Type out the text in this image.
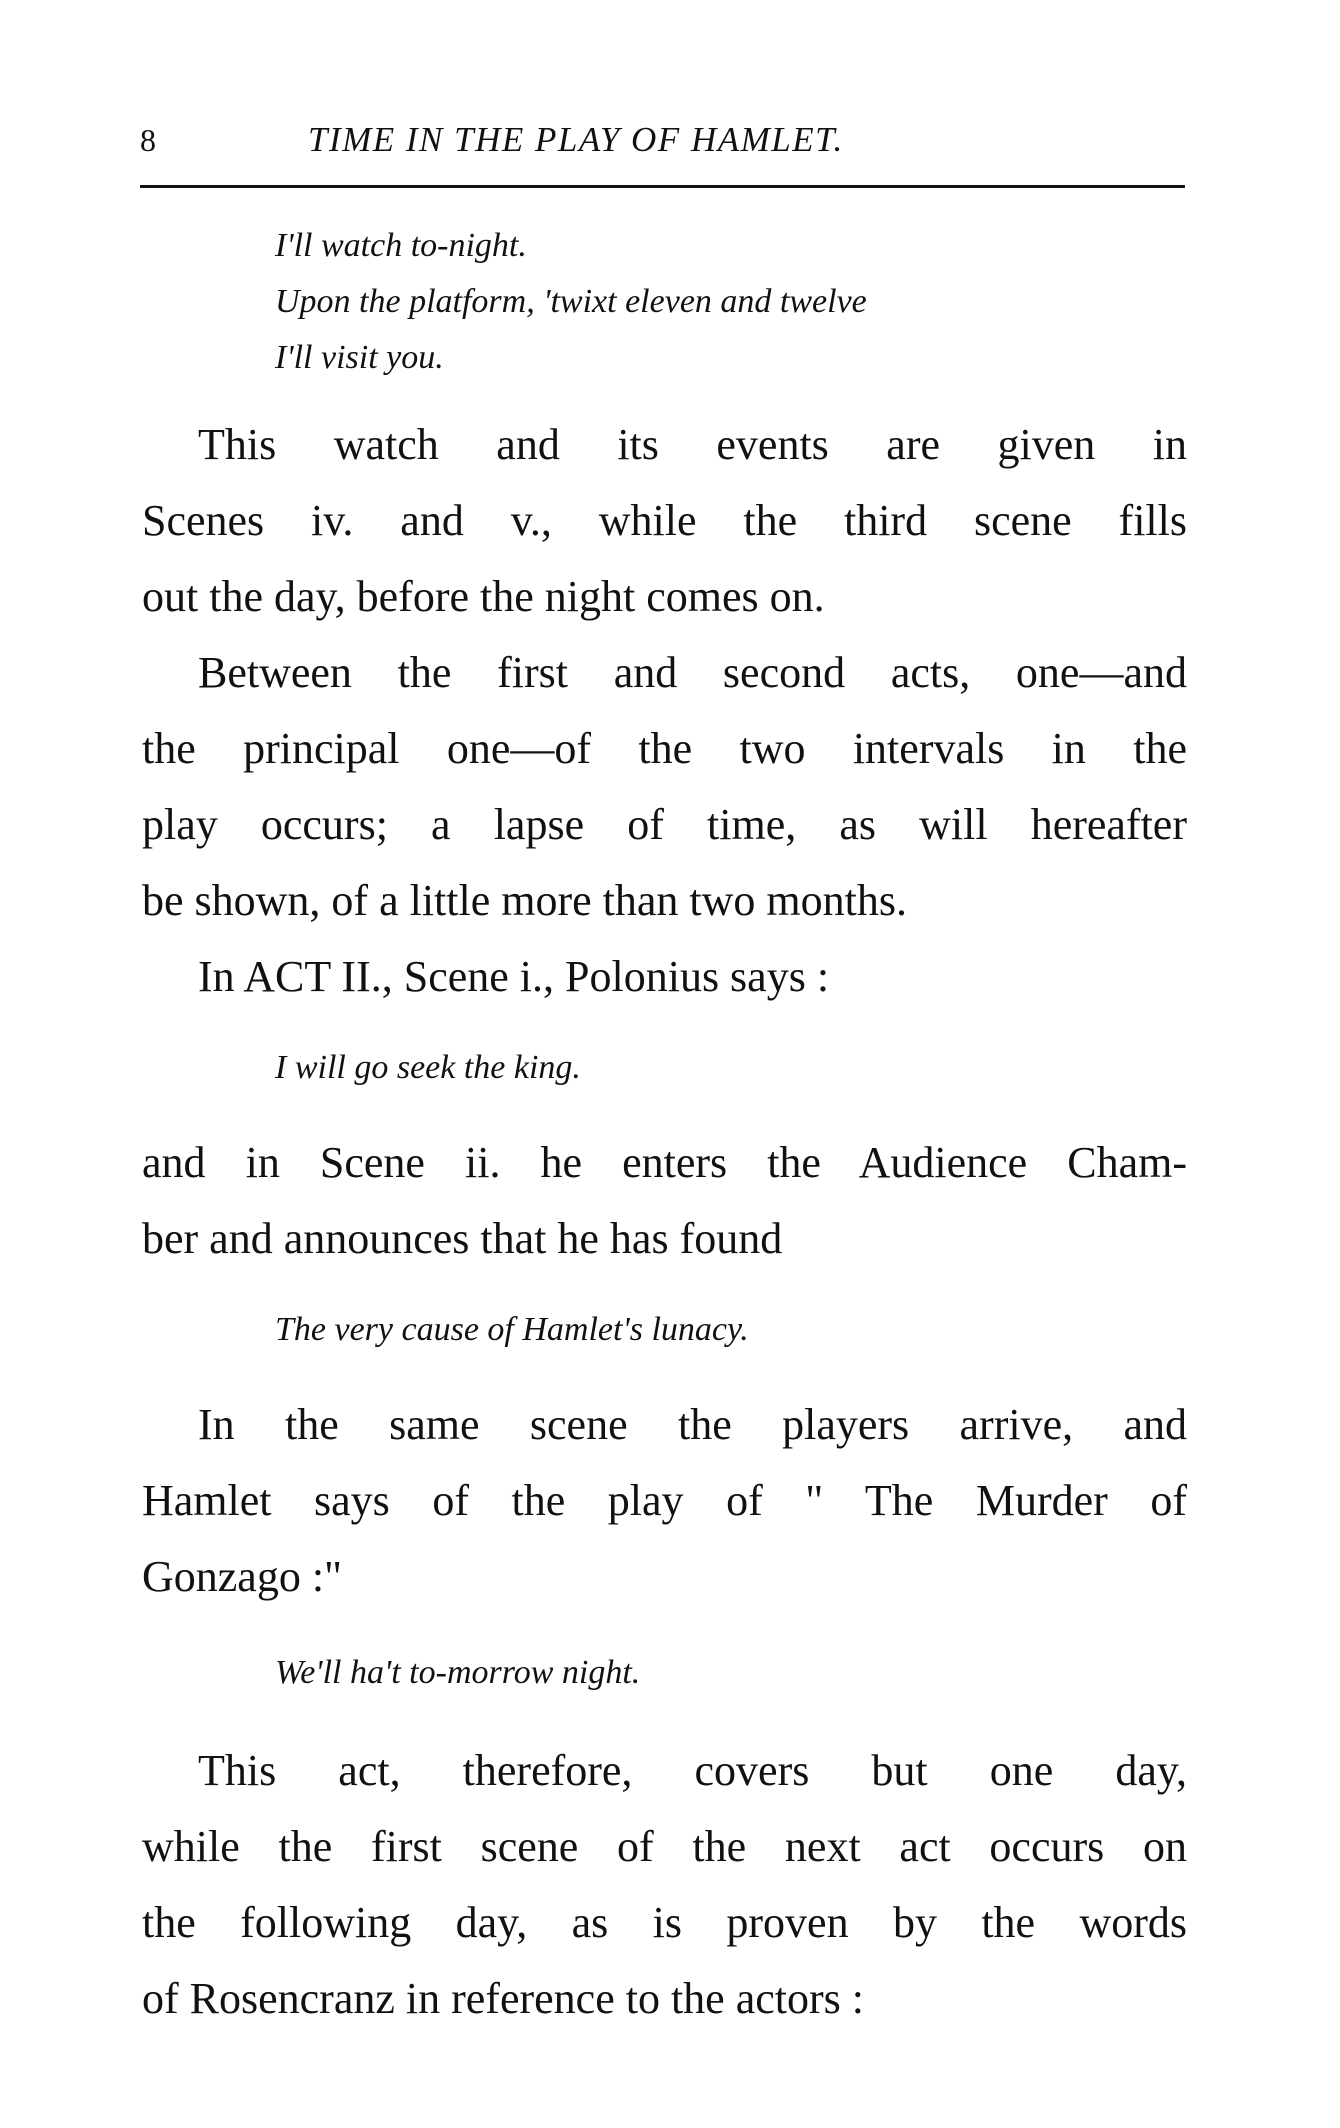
8	TIME IN THE PLAY OF HAMLET.
I'll watch to-night.
Upon the platform, 'twixt eleven and twelve
I'll visit you.
This watch and its events are given in
Scenes iv. and v., while the third scene fills
out the day, before the night comes on.
Between the first and second acts, one—and
the principal one—of the two intervals in the
play occurs; a lapse of time, as will hereafter
be shown, of a little more than two months.
In ACT II., Scene i., Polonius says :
I will go seek the king.
and in Scene ii. he enters the Audience Cham-
ber and announces that he has found
The very cause of Hamlet's lunacy.
In the same scene the players arrive, and
Hamlet says of the play of " The Murder of
Gonzago :"
We'll ha't to-morrow night.
This act, therefore, covers but one day,
while the first scene of the next act occurs on
the following day, as is proven by the words
of Rosencranz in reference to the actors :
